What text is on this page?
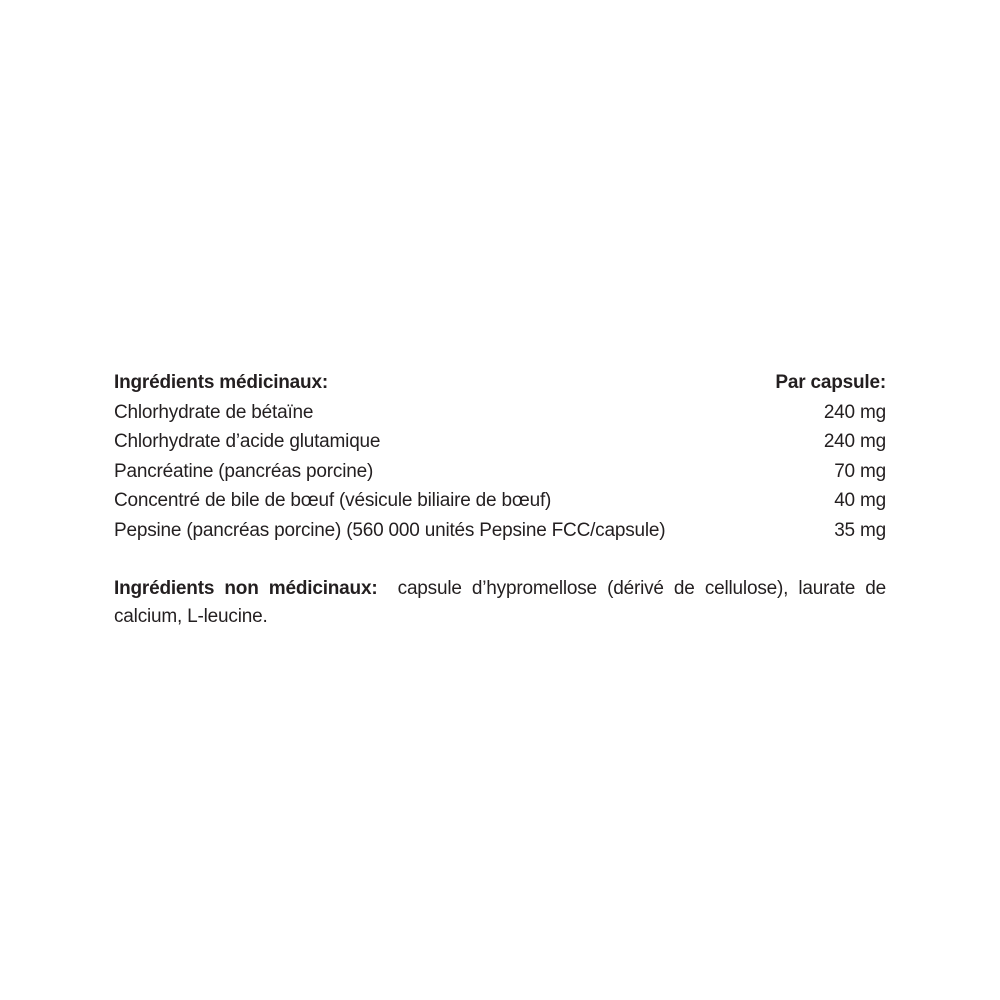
Ingrédients médicinaux:	Par capsule:
Chlorhydrate de bétaïne	240 mg
Chlorhydrate d’acide glutamique	240 mg
Pancréatine (pancréas porcine)	70 mg
Concentré de bile de bœuf (vésicule biliaire de bœuf)	40 mg
Pepsine (pancréas porcine) (560 000 unités Pepsine FCC/capsule)	35 mg

Ingrédients non médicinaux: capsule d’hypromellose (dérivé de cellulose), laurate de calcium, L-leucine.
